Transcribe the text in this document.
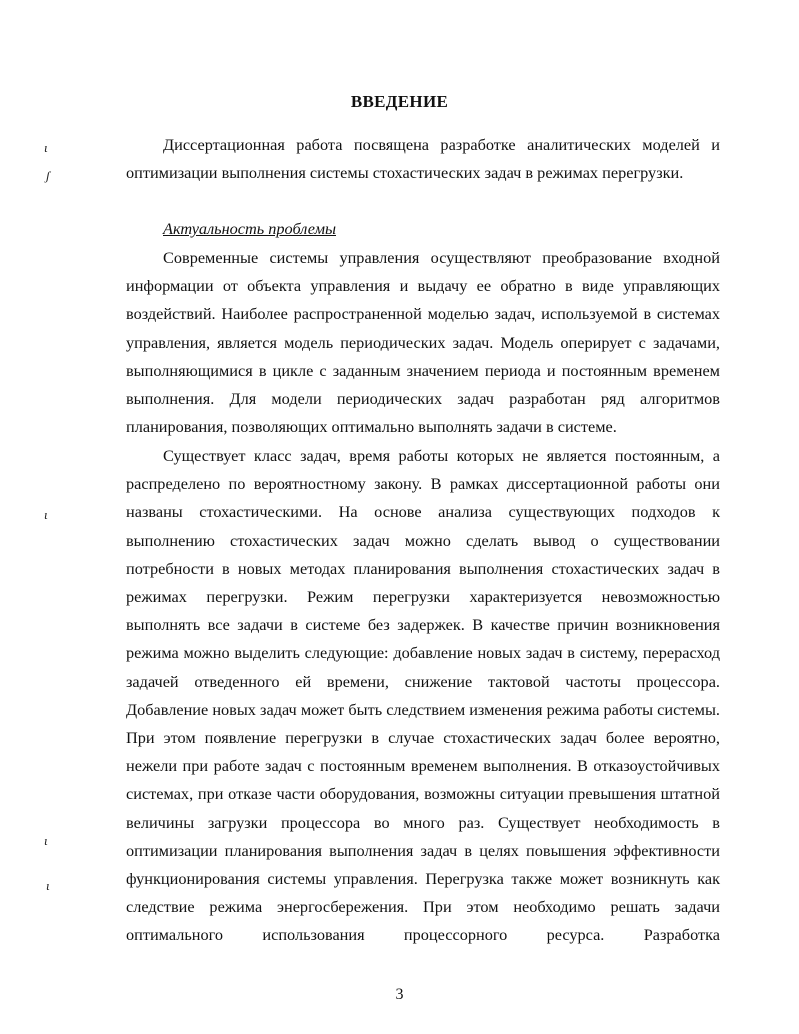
ВВЕДЕНИЕ

Диссертационная работа посвящена разработке аналитических моделей и оптимизации выполнения системы стохастических задач в режимах перегрузки.

Актуальность проблемы

Современные системы управления осуществляют преобразование входной информации от объекта управления и выдачу ее обратно в виде управляющих воздействий. Наиболее распространенной моделью задач, используемой в системах управления, является модель периодических задач. Модель оперирует с задачами, выполняющимися в цикле с заданным значением периода и постоянным временем выполнения. Для модели периодических задач разработан ряд алгоритмов планирования, позволяющих оптимально выполнять задачи в системе.

Существует класс задач, время работы которых не является постоянным, а распределено по вероятностному закону. В рамках диссертационной работы они названы стохастическими. На основе анализа существующих подходов к выполнению стохастических задач можно сделать вывод о существовании потребности в новых методах планирования выполнения стохастических задач в режимах перегрузки. Режим перегрузки характеризуется невозможностью выполнять все задачи в системе без задержек. В качестве причин возникновения режима можно выделить следующие: добавление новых задач в систему, перерасход задачей отведенного ей времени, снижение тактовой частоты процессора. Добавление новых задач может быть следствием изменения режима работы системы. При этом появление перегрузки в случае стохастических задач более вероятно, нежели при работе задач с постоянным временем выполнения. В отказоустойчивых системах, при отказе части оборудования, возможны ситуации превышения штатной величины загрузки процессора во много раз. Существует необходимость в оптимизации планирования выполнения задач в целях повышения эффективности функционирования системы управления. Перегрузка также может возникнуть как следствие режима энергосбережения. При этом необходимо решать задачи оптимального использования процессорного ресурса. Разработка

3
ɩ
ʃ
ɩ
ɩ
ɩ
